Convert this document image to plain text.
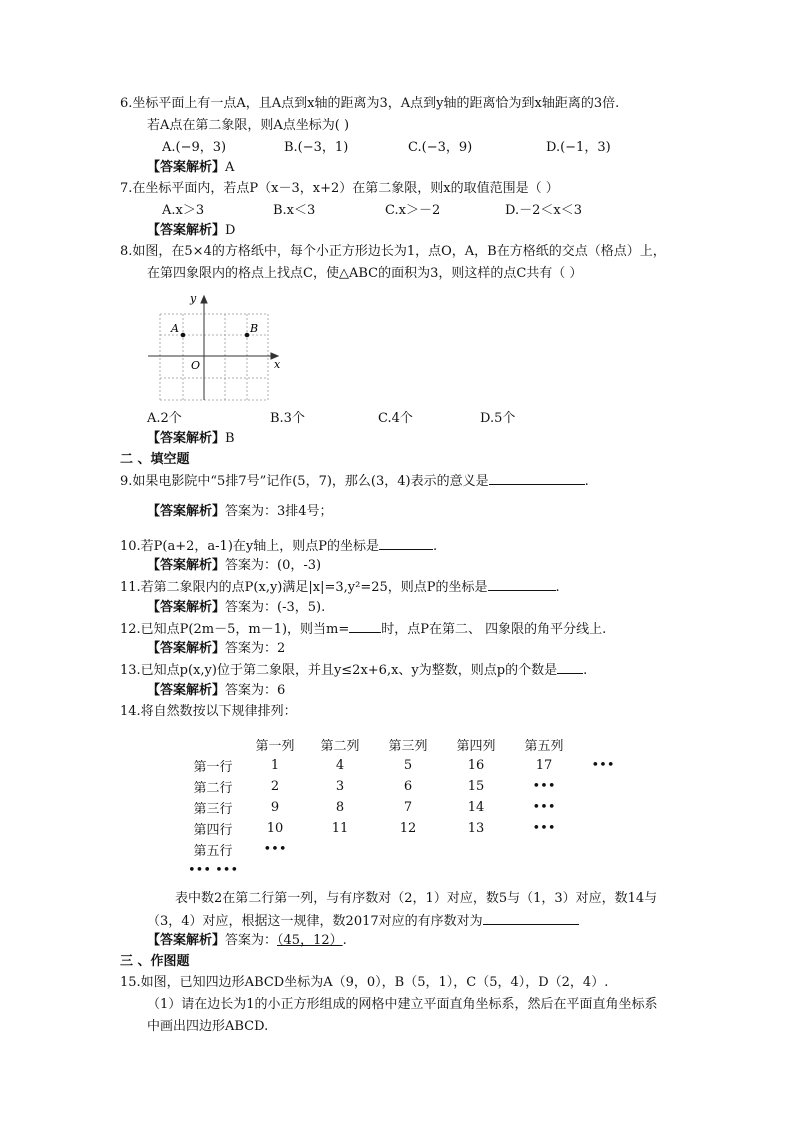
6.坐标平面上有一点A，且A点到x轴的距离为3，A点到y轴的距离恰为到x轴距离的3倍.
若A点在第二象限，则A点坐标为( )
A.(−9，3)	B.(−3，1)	C.(−3，9)	D.(−1，3)
【答案解析】A
7.在坐标平面内，若点P（x－3，x+2）在第二象限，则x的取值范围是（ ）
A.x＞3	B.x＜3	C.x＞－2	D.－2＜x＜3
【答案解析】D
8.如图，在5×4的方格纸中，每个小正方形边长为1，点O，A，B在方格纸的交点（格点）上，
在第四象限内的格点上找点C，使△ABC的面积为3，则这样的点C共有（ ）
A	B
O	x
y
A.2个	B.3个	C.4个	D.5个
【答案解析】B
二 、填空题
9.如果电影院中“5排7号”记作(5，7)，那么(3，4)表示的意义是	.
【答案解析】答案为：3排4号；
10.若P(a+2，a-1)在y轴上，则点P的坐标是	.
【答案解析】答案为：(0，-3)
11.若第二象限内的点P(x,y)满足|x|=3,y²=25，则点P的坐标是	.
【答案解析】答案为：(-3，5).
12.已知点P(2m－5，m－1)，则当m= 时，点P在第二、 四象限的角平分线上.
【答案解析】答案为：2
13.已知点p(x,y)位于第二象限，并且y≤2x+6,x、y为整数，则点p的个数是 .
【答案解析】答案为：6
14.将自然数按以下规律排列：
	第一列	第二列	第三列	第四列	第五列	
第一行	1	4	5	16	17	•••
第二行	2	3	6	15	•••	
第三行	9	8	7	14	•••	
第四行	10	11	12	13	•••	
第五行	•••					
••• •••						
表中数2在第二行第一列，与有序数对（2，1）对应，数5与（1，3）对应，数14与
（3，4）对应，根据这一规律，数2017对应的有序数对为
【答案解析】答案为：（45，12）.
三 、作图题
15.如图，已知四边形ABCD坐标为A（9，0），B（5，1），C（5，4），D（2，4）.
（1）请在边长为1的小正方形组成的网格中建立平面直角坐标系，然后在平面直角坐标系
中画出四边形ABCD.
